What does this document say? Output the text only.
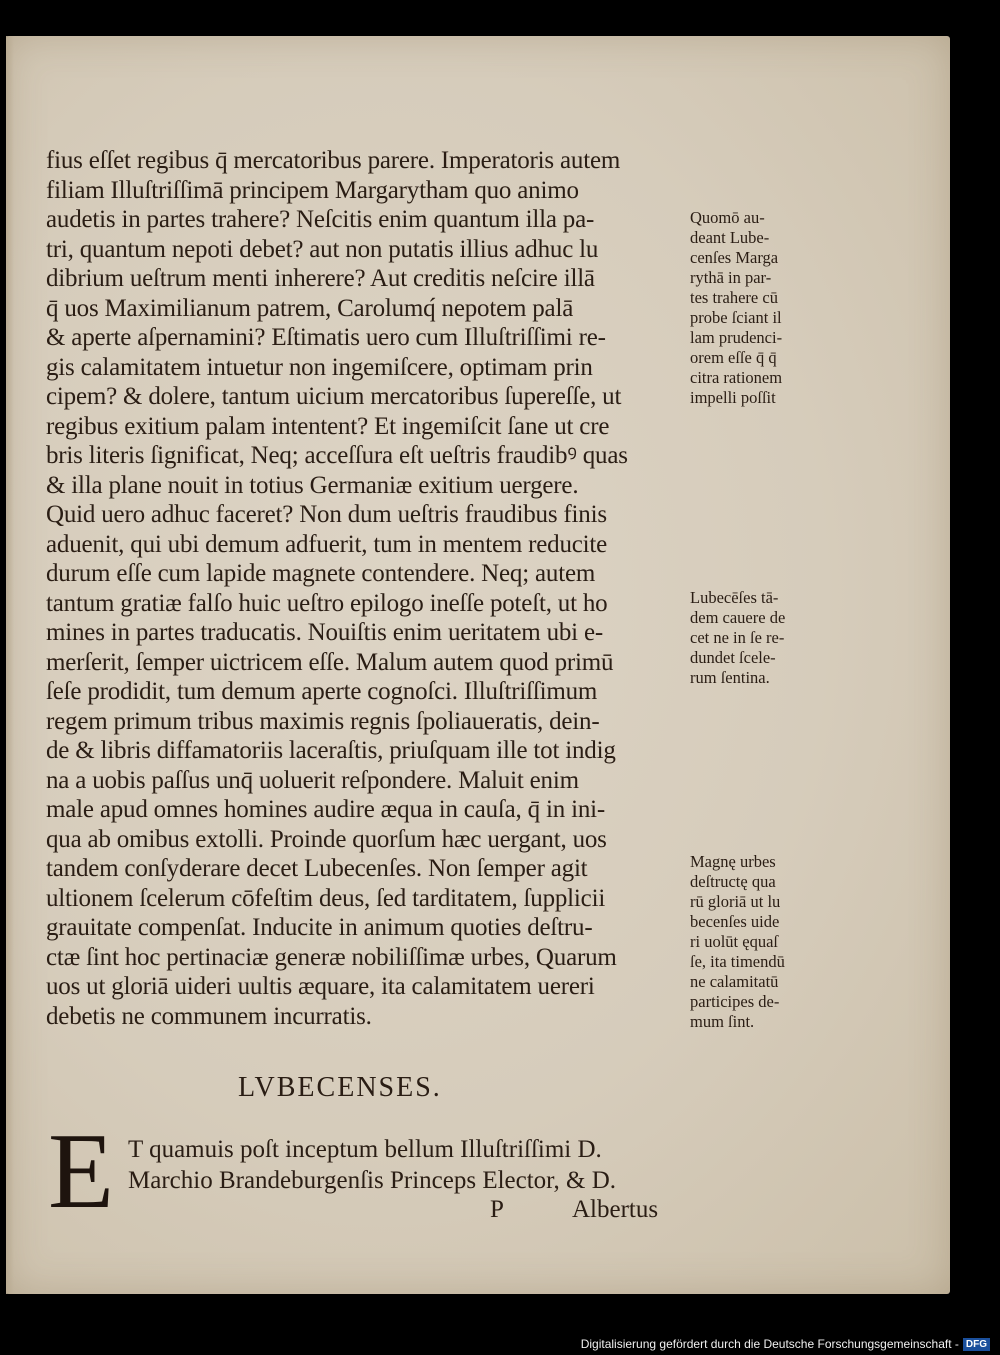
fius eſſet regibus q̄ mercatoribus parere. Imperatoris autem
filiam Illuſtriſſimā principem Margarytham quo animo
audetis in partes trahere? Neſcitis enim quantum illa pa-
tri, quantum nepoti debet? aut non putatis illius adhuc lu
dibrium ueſtrum menti inherere? Aut creditis neſcire illā
q̄ uos Maximilianum patrem, Carolumq́ nepotem palā
& aperte aſpernamini? Eſtimatis uero cum Illuſtriſſimi re-
gis calamitatem intuetur non ingemiſcere, optimam prin
cipem? & dolere, tantum uicium mercatoribus ſupereſſe, ut
regibus exitium palam intentent? Et ingemiſcit ſane ut cre
bris literis ſignificat, Neq; acceſſura eſt ueſtris fraudibꝰ quas
& illa plane nouit in totius Germaniæ exitium uergere.
Quid uero adhuc faceret? Non dum ueſtris fraudibus finis
aduenit, qui ubi demum adfuerit, tum in mentem reducite
durum eſſe cum lapide magnete contendere. Neq; autem
tantum gratiæ falſo huic ueſtro epilogo ineſſe poteſt, ut ho
mines in partes traducatis. Nouiſtis enim ueritatem ubi e-
merſerit, ſemper uictricem eſſe. Malum autem quod primū
ſeſe prodidit, tum demum aperte cognoſci. Illuſtriſſimum
regem primum tribus maximis regnis ſpoliaueratis, dein-
de & libris diffamatoriis laceraſtis, priuſquam ille tot indig
na a uobis paſſus unq̄ uoluerit reſpondere. Maluit enim
male apud omnes homines audire æqua in cauſa, q̄ in ini-
qua ab omibus extolli. Proinde quorſum hæc uergant, uos
tandem conſyderare decet Lubecenſes. Non ſemper agit
ultionem ſcelerum cōfeſtim deus, ſed tarditatem, ſupplicii
grauitate compenſat. Inducite in animum quoties deſtru-
ctæ ſint hoc pertinaciæ generæ nobiliſſimæ urbes, Quarum
uos ut gloriā uideri uultis æquare, ita calamitatem uereri
debetis ne communem incurratis.
Quomō au-
deant Lube-
cenſes Marga
rythā in par-
tes trahere cū
probe ſciant il
lam prudenci-
orem eſſe q̄ q̄
citra rationem
impelli poſſit
Lubecēſes tā-
dem cauere de
cet ne in ſe re-
dundet ſcele-
rum ſentina.
Magnę urbes
deſtructę qua
rū gloriā ut lu
becenſes uide
ri uolūt ęquaſ
ſe, ita timendū
ne calamitatū
participes de-
mum ſint.
LVBECENSES.
E T quamuis poſt inceptum bellum Illuſtriſſimi D.
Marchio Brandeburgenſis Princeps Elector, & D.
P	Albertus
Digitalisierung gefördert durch die Deutsche Forschungsgemeinschaft - DFG
